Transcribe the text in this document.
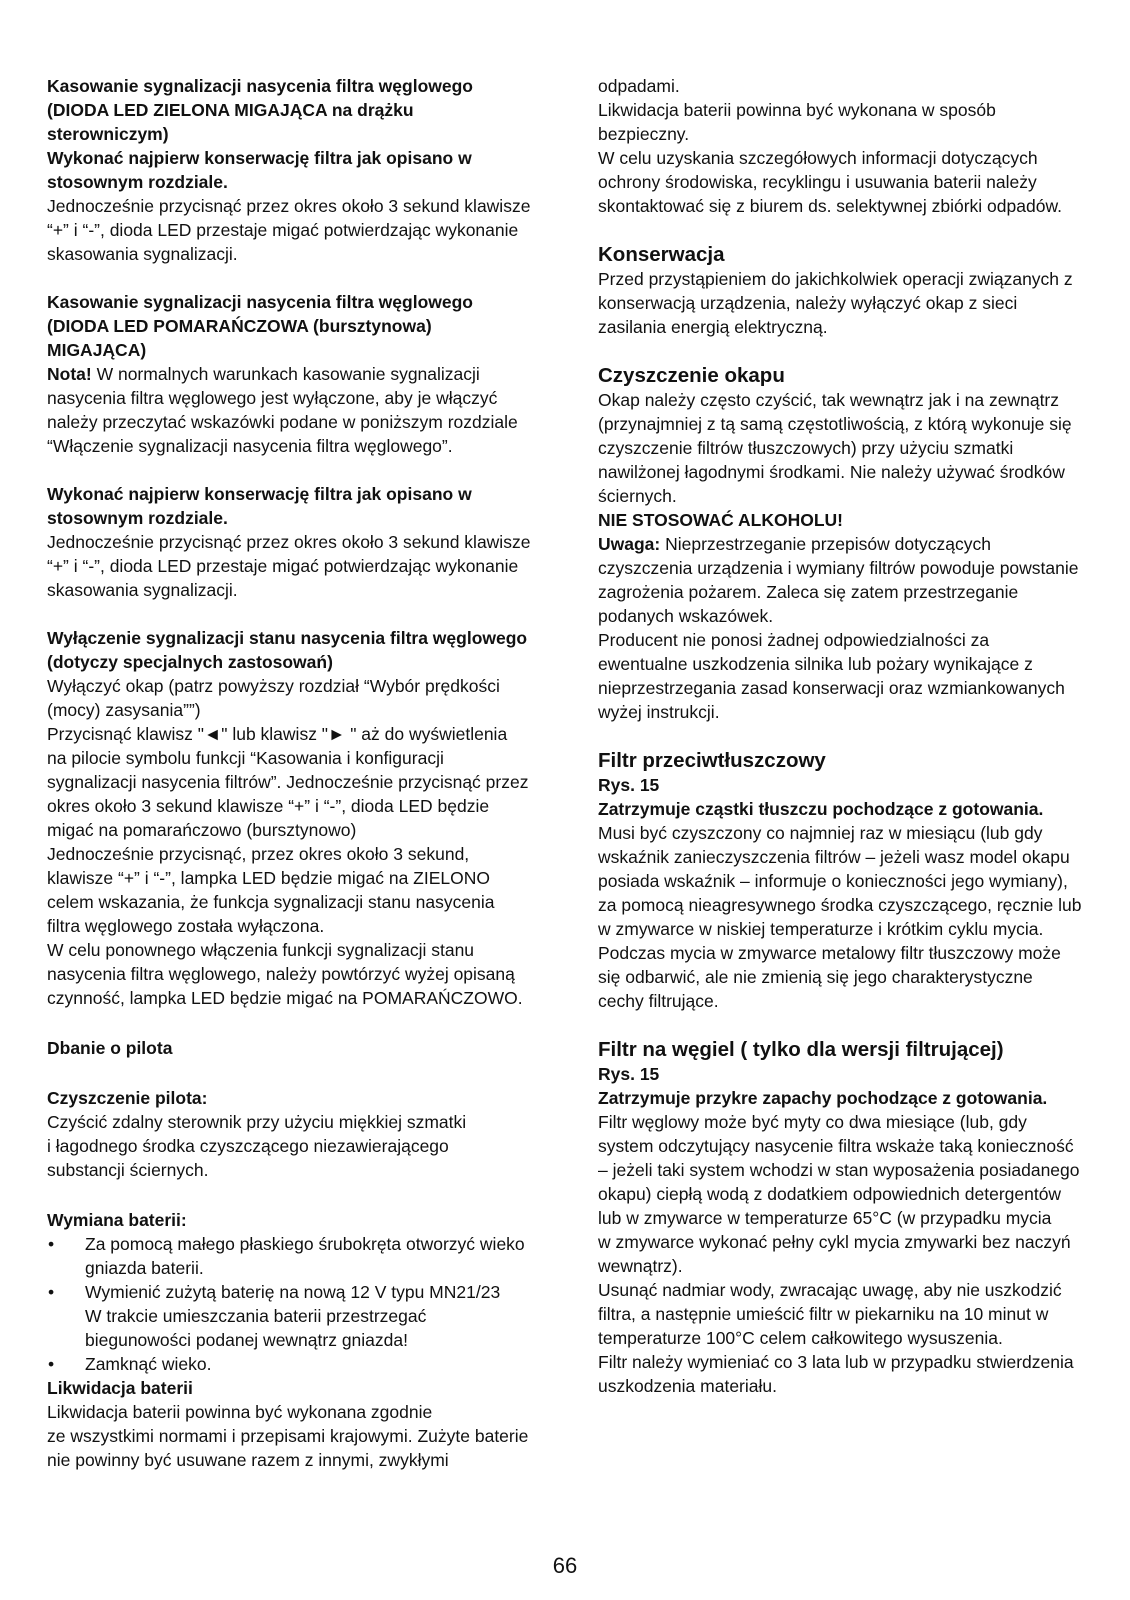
Kasowanie sygnalizacji nasycenia filtra węglowego
(DIODA LED ZIELONA MIGAJĄCA na drążku
sterowniczym)
Wykonać najpierw konserwację filtra jak opisano w
stosownym rozdziale.
Jednocześnie przycisnąć przez okres około 3 sekund klawisze
“+” i “-”, dioda LED przestaje migać potwierdzając wykonanie
skasowania sygnalizacji.
Kasowanie sygnalizacji nasycenia filtra węglowego
(DIODA LED POMARAŃCZOWA (bursztynowa)
MIGAJĄCA)
Nota! W normalnych warunkach kasowanie sygnalizacji
nasycenia filtra węglowego jest wyłączone, aby je włączyć
należy przeczytać wskazówki podane w poniższym rozdziale
“Włączenie sygnalizacji nasycenia filtra węglowego”.
Wykonać najpierw konserwację filtra jak opisano w
stosownym rozdziale.
Jednocześnie przycisnąć przez okres około 3 sekund klawisze
“+” i “-”, dioda LED przestaje migać potwierdzając wykonanie
skasowania sygnalizacji.
Wyłączenie sygnalizacji stanu nasycenia filtra węglowego
(dotyczy specjalnych zastosowań)
Wyłączyć okap (patrz powyższy rozdział “Wybór prędkości
(mocy) zasysania””)
Przycisnąć klawisz "◄" lub klawisz "► " aż do wyświetlenia
na pilocie symbolu funkcji “Kasowania i konfiguracji
sygnalizacji nasycenia filtrów”. Jednocześnie przycisnąć przez
okres około 3 sekund klawisze “+” i “-”, dioda LED będzie
migać na pomarańczowo (bursztynowo)
Jednocześnie przycisnąć, przez okres około 3 sekund,
klawisze “+” i “-”, lampka LED będzie migać na ZIELONO
celem wskazania, że funkcja sygnalizacji stanu nasycenia
filtra węglowego została wyłączona.
W celu ponownego włączenia funkcji sygnalizacji stanu
nasycenia filtra węglowego, należy powtórzyć wyżej opisaną
czynność, lampka LED będzie migać na POMARAŃCZOWO.
Dbanie o pilota
Czyszczenie pilota:
Czyścić zdalny sterownik przy użyciu miękkiej szmatki
i łagodnego środka czyszczącego niezawierającego
substancji ściernych.
Wymiana baterii:
• Za pomocą małego płaskiego śrubokręta otworzyć wieko
gniazda baterii.
• Wymienić zużytą baterię na nową 12 V typu MN21/23
W trakcie umieszczania baterii przestrzegać
biegunowości podanej wewnątrz gniazda!
• Zamknąć wieko.
Likwidacja baterii
Likwidacja baterii powinna być wykonana zgodnie
ze wszystkimi normami i przepisami krajowymi. Zużyte baterie
nie powinny być usuwane razem z innymi, zwykłymi
odpadami.
Likwidacja baterii powinna być wykonana w sposób
bezpieczny.
W celu uzyskania szczegółowych informacji dotyczących
ochrony środowiska, recyklingu i usuwania baterii należy
skontaktować się z biurem ds. selektywnej zbiórki odpadów.
Konserwacja
Przed przystąpieniem do jakichkolwiek operacji związanych z
konserwacją urządzenia, należy wyłączyć okap z sieci
zasilania energią elektryczną.
Czyszczenie okapu
Okap należy często czyścić, tak wewnątrz jak i na zewnątrz
(przynajmniej z tą samą częstotliwością, z którą wykonuje się
czyszczenie filtrów tłuszczowych) przy użyciu szmatki
nawilżonej łagodnymi środkami. Nie należy używać środków
ściernych.
NIE STOSOWAĆ ALKOHOLU!
Uwaga: Nieprzestrzeganie przepisów dotyczących
czyszczenia urządzenia i wymiany filtrów powoduje powstanie
zagrożenia pożarem. Zaleca się zatem przestrzeganie
podanych wskazówek.
Producent nie ponosi żadnej odpowiedzialności za
ewentualne uszkodzenia silnika lub pożary wynikające z
nieprzestrzegania zasad konserwacji oraz wzmiankowanych
wyżej instrukcji.
Filtr przeciwtłuszczowy
Rys. 15
Zatrzymuje cząstki tłuszczu pochodzące z gotowania.
Musi być czyszczony co najmniej raz w miesiącu (lub gdy
wskaźnik zanieczyszczenia filtrów – jeżeli wasz model okapu
posiada wskaźnik – informuje o konieczności jego wymiany),
za pomocą nieagresywnego środka czyszczącego, ręcznie lub
w zmywarce w niskiej temperaturze i krótkim cyklu mycia.
Podczas mycia w zmywarce metalowy filtr tłuszczowy może
się odbarwić, ale nie zmienią się jego charakterystyczne
cechy filtrujące.
Filtr na węgiel ( tylko dla wersji filtrującej)
Rys. 15
Zatrzymuje przykre zapachy pochodzące z gotowania.
Filtr węglowy może być myty co dwa miesiące (lub, gdy
system odczytujący nasycenie filtra wskaże taką konieczność
– jeżeli taki system wchodzi w stan wyposażenia posiadanego
okapu) ciepłą wodą z dodatkiem odpowiednich detergentów
lub w zmywarce w temperaturze 65°C (w przypadku mycia
w zmywarce wykonać pełny cykl mycia zmywarki bez naczyń
wewnątrz).
Usunąć nadmiar wody, zwracając uwagę, aby nie uszkodzić
filtra, a następnie umieścić filtr w piekarniku na 10 minut w
temperaturze 100°C celem całkowitego wysuszenia.
Filtr należy wymieniać co 3 lata lub w przypadku stwierdzenia
uszkodzenia materiału.
66
